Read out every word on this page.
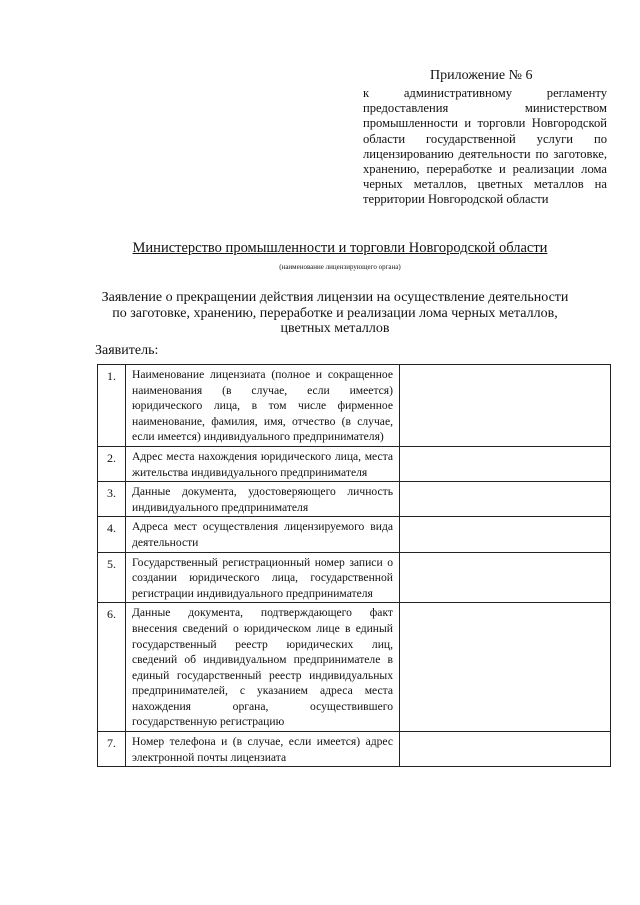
Приложение № 6
к административному регламенту предоставления министерством промышленности и торговли Новгородской области государственной услуги по лицензированию деятельности по заготовке, хранению, переработке и реализации лома черных металлов, цветных металлов на территории Новгородской области
Министерство промышленности и торговли Новгородской области
(наименование лицензирующего органа)
Заявление о прекращении действия лицензии на осуществление деятельности по заготовке, хранению, переработке и реализации лома черных металлов, цветных металлов
Заявитель:
1.	Наименование лицензиата (полное и сокращенное наименования (в случае, если имеется) юридического лица, в том числе фирменное наименование, фамилия, имя, отчество (в случае, если имеется) индивидуального предпринимателя)	
2.	Адрес места нахождения юридического лица, места жительства индивидуального предпринимателя	
3.	Данные документа, удостоверяющего личность индивидуального предпринимателя	
4.	Адреса мест осуществления лицензируемого вида деятельности	
5.	Государственный регистрационный номер записи о создании юридического лица, государственной регистрации индивидуального предпринимателя	
6.	Данные документа, подтверждающего факт внесения сведений о юридическом лице в единый государственный реестр юридических лиц, сведений об индивидуальном предпринимателе в единый государственный реестр индивидуальных предпринимателей, с указанием адреса места нахождения органа, осуществившего государственную регистрацию	
7.	Номер телефона и (в случае, если имеется) адрес электронной почты лицензиата	
